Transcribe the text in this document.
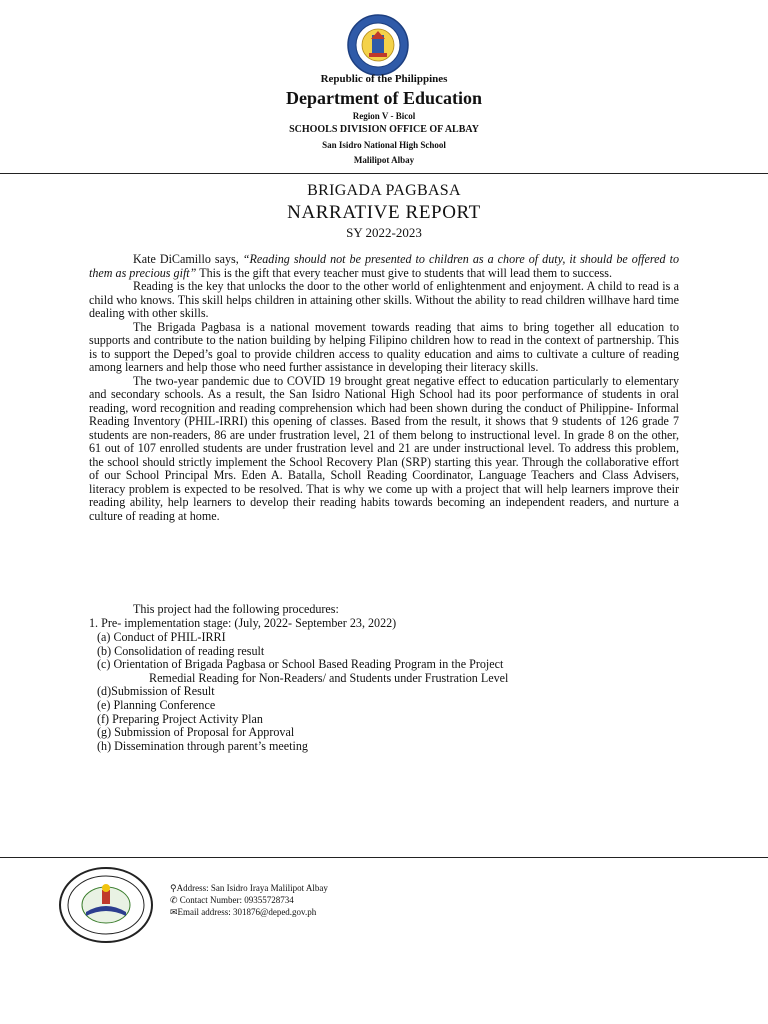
Republic of the Philippines
Department of Education
Region V - Bicol
SCHOOLS DIVISION OFFICE OF ALBAY
San Isidro National High School
Malilipot Albay
BRIGADA PAGBASA
NARRATIVE REPORT
SY 2022-2023

Kate DiCamillo says, “Reading should not be presented to children as a chore of duty, it should be offered to them as precious gift” This is the gift that every teacher must give to students that will lead them to success.

Reading is the key that unlocks the door to the other world of enlightenment and enjoyment. A child to read is a child who knows. This skill helps children in attaining other skills. Without the ability to read children willhave hard time dealing with other skills.

The Brigada Pagbasa is a national movement towards reading that aims to bring together all education to supports and contribute to the nation building by helping Filipino children how to read in the context of partnership. This is to support the Deped’s goal to provide children access to quality education and aims to cultivate a culture of reading among learners and help those who need further assistance in developing their literacy skills.

The two-year pandemic due to COVID 19 brought great negative effect to education particularly to elementary and secondary schools. As a result, the San Isidro National High School had its poor performance of students in oral reading, word recognition and reading comprehension which had been shown during the conduct of Philippine- Informal Reading Inventory (PHIL-IRRI) this opening of classes. Based from the result, it shows that 9 students of 126 grade 7 students are non-readers, 86 are under frustration level, 21 of them belong to instructional level. In grade 8 on the other, 61 out of 107 enrolled students are under frustration level and 21 are under instructional level. To address this problem, the school should strictly implement the School Recovery Plan (SRP) starting this year. Through the collaborative effort of our School Principal Mrs. Eden A. Batalla, Scholl Reading Coordinator, Language Teachers and Class Advisers, literacy problem is expected to be resolved. That is why we come up with a project that will help learners improve their reading ability, help learners to develop their reading habits towards becoming an independent readers, and nurture a culture of reading at home.

This project had the following procedures:
1. Pre- implementation stage: (July, 2022- September 23, 2022)
(a) Conduct of PHIL-IRRI
(b) Consolidation of reading result
(c) Orientation of Brigada Pagbasa or School Based Reading Program in the Project
Remedial Reading for Non-Readers/ and Students under Frustration Level
(d)Submission of Result
(e) Planning Conference
(f) Preparing Project Activity Plan
(g) Submission of Proposal for Approval
(h) Dissemination through parent’s meeting
⚲Address: San Isidro Iraya Malilipot Albay
✆ Contact Number: 09355728734
✉Email address: 301876@deped.gov.ph
